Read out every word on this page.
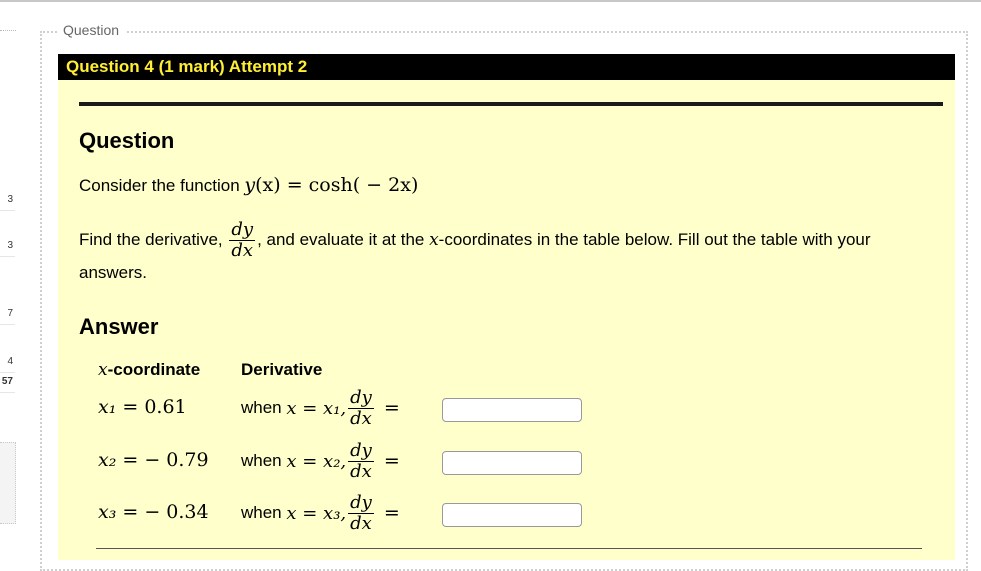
3
3
7
4
57
Question
Question 4 (1 mark) Attempt 2
Question
Consider the function y(x) = cosh( − 2x)
Find the derivative, $\frac{dy}{dx}$ , and evaluate it at the x-coordinates in the table below. Fill out the table with your answers.
Answer
x-coordinate Derivative
x₁ = 0.61	when
x = x₁, $\frac{dy}{dx}$ =
x₂ = − 0.79 when
x = x₂, $\frac{dy}{dx}$ =
x₃ = − 0.34 when
x = x₃, $\frac{dy}{dx}$ =
